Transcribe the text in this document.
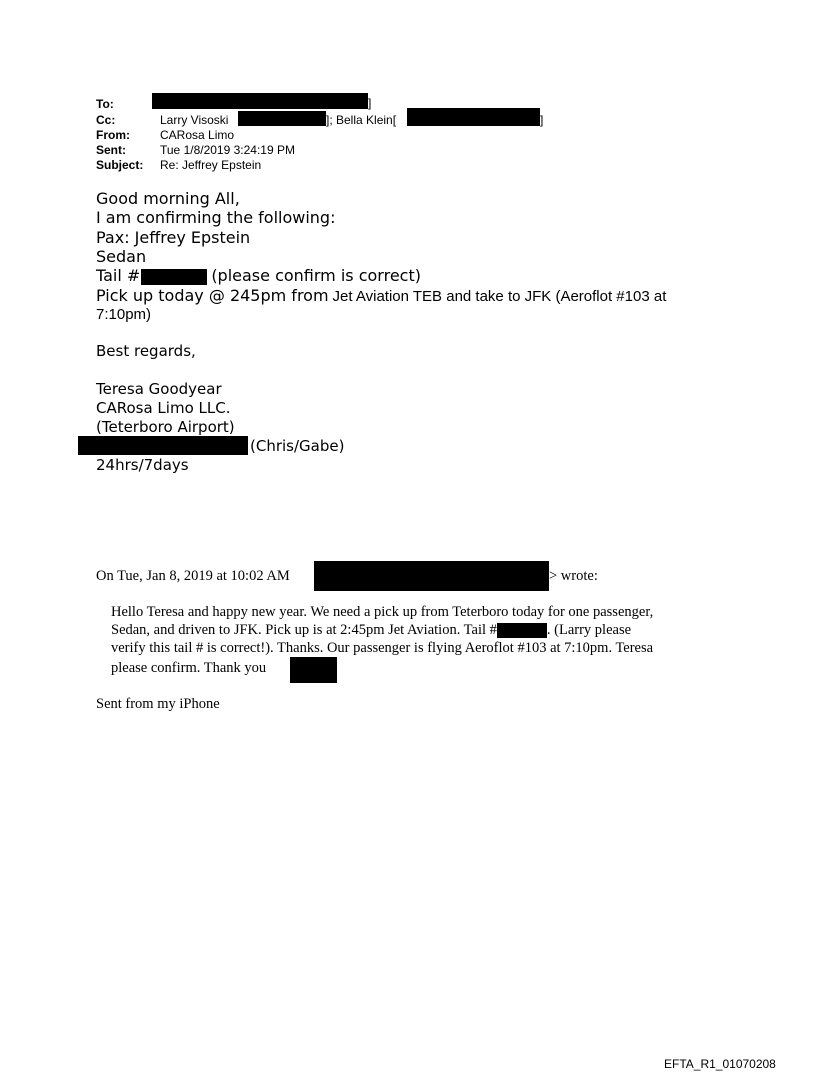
To:	]
Cc:	Larry Visoski	]; Bella Klein[	]
From:	CARosa Limo
Sent:	Tue 1/8/2019 3:24:19 PM
Subject: Re: Jeffrey Epstein
Good morning All,
I am confirming the following:
Pax: Jeffrey Epstein
Sedan
Tail #	(please confirm is correct)
Pick up today @ 245pm from Jet Aviation TEB and take to JFK (Aeroflot #103 at
7:10pm)
Best regards,
Teresa Goodyear
CARosa Limo LLC.
(Teterboro Airport)
(Chris/Gabe)
24hrs/7days
On Tue, Jan 8, 2019 at 10:02 AM	> wrote:
Hello Teresa and happy new year. We need a pick up from Teterboro today for one passenger,
Sedan, and driven to JFK. Pick up is at 2:45pm Jet Aviation. Tail #	. (Larry please
verify this tail # is correct!). Thanks. Our passenger is flying Aeroflot #103 at 7:10pm. Teresa
please confirm. Thank you
Sent from my iPhone
EFTA_R1_01070208
